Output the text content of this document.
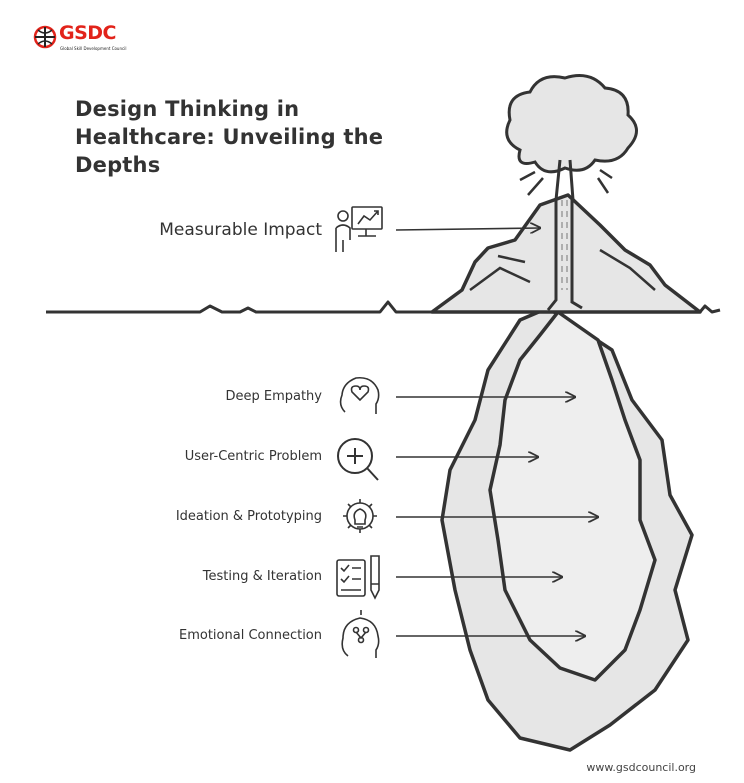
GSDC
Global Skill Development Council
Design Thinking in Healthcare: Unveiling the Depths
Measurable Impact
Deep Empathy
User-Centric Problem
Ideation & Prototyping
Testing & Iteration
Emotional Connection
www.gsdcouncil.org
